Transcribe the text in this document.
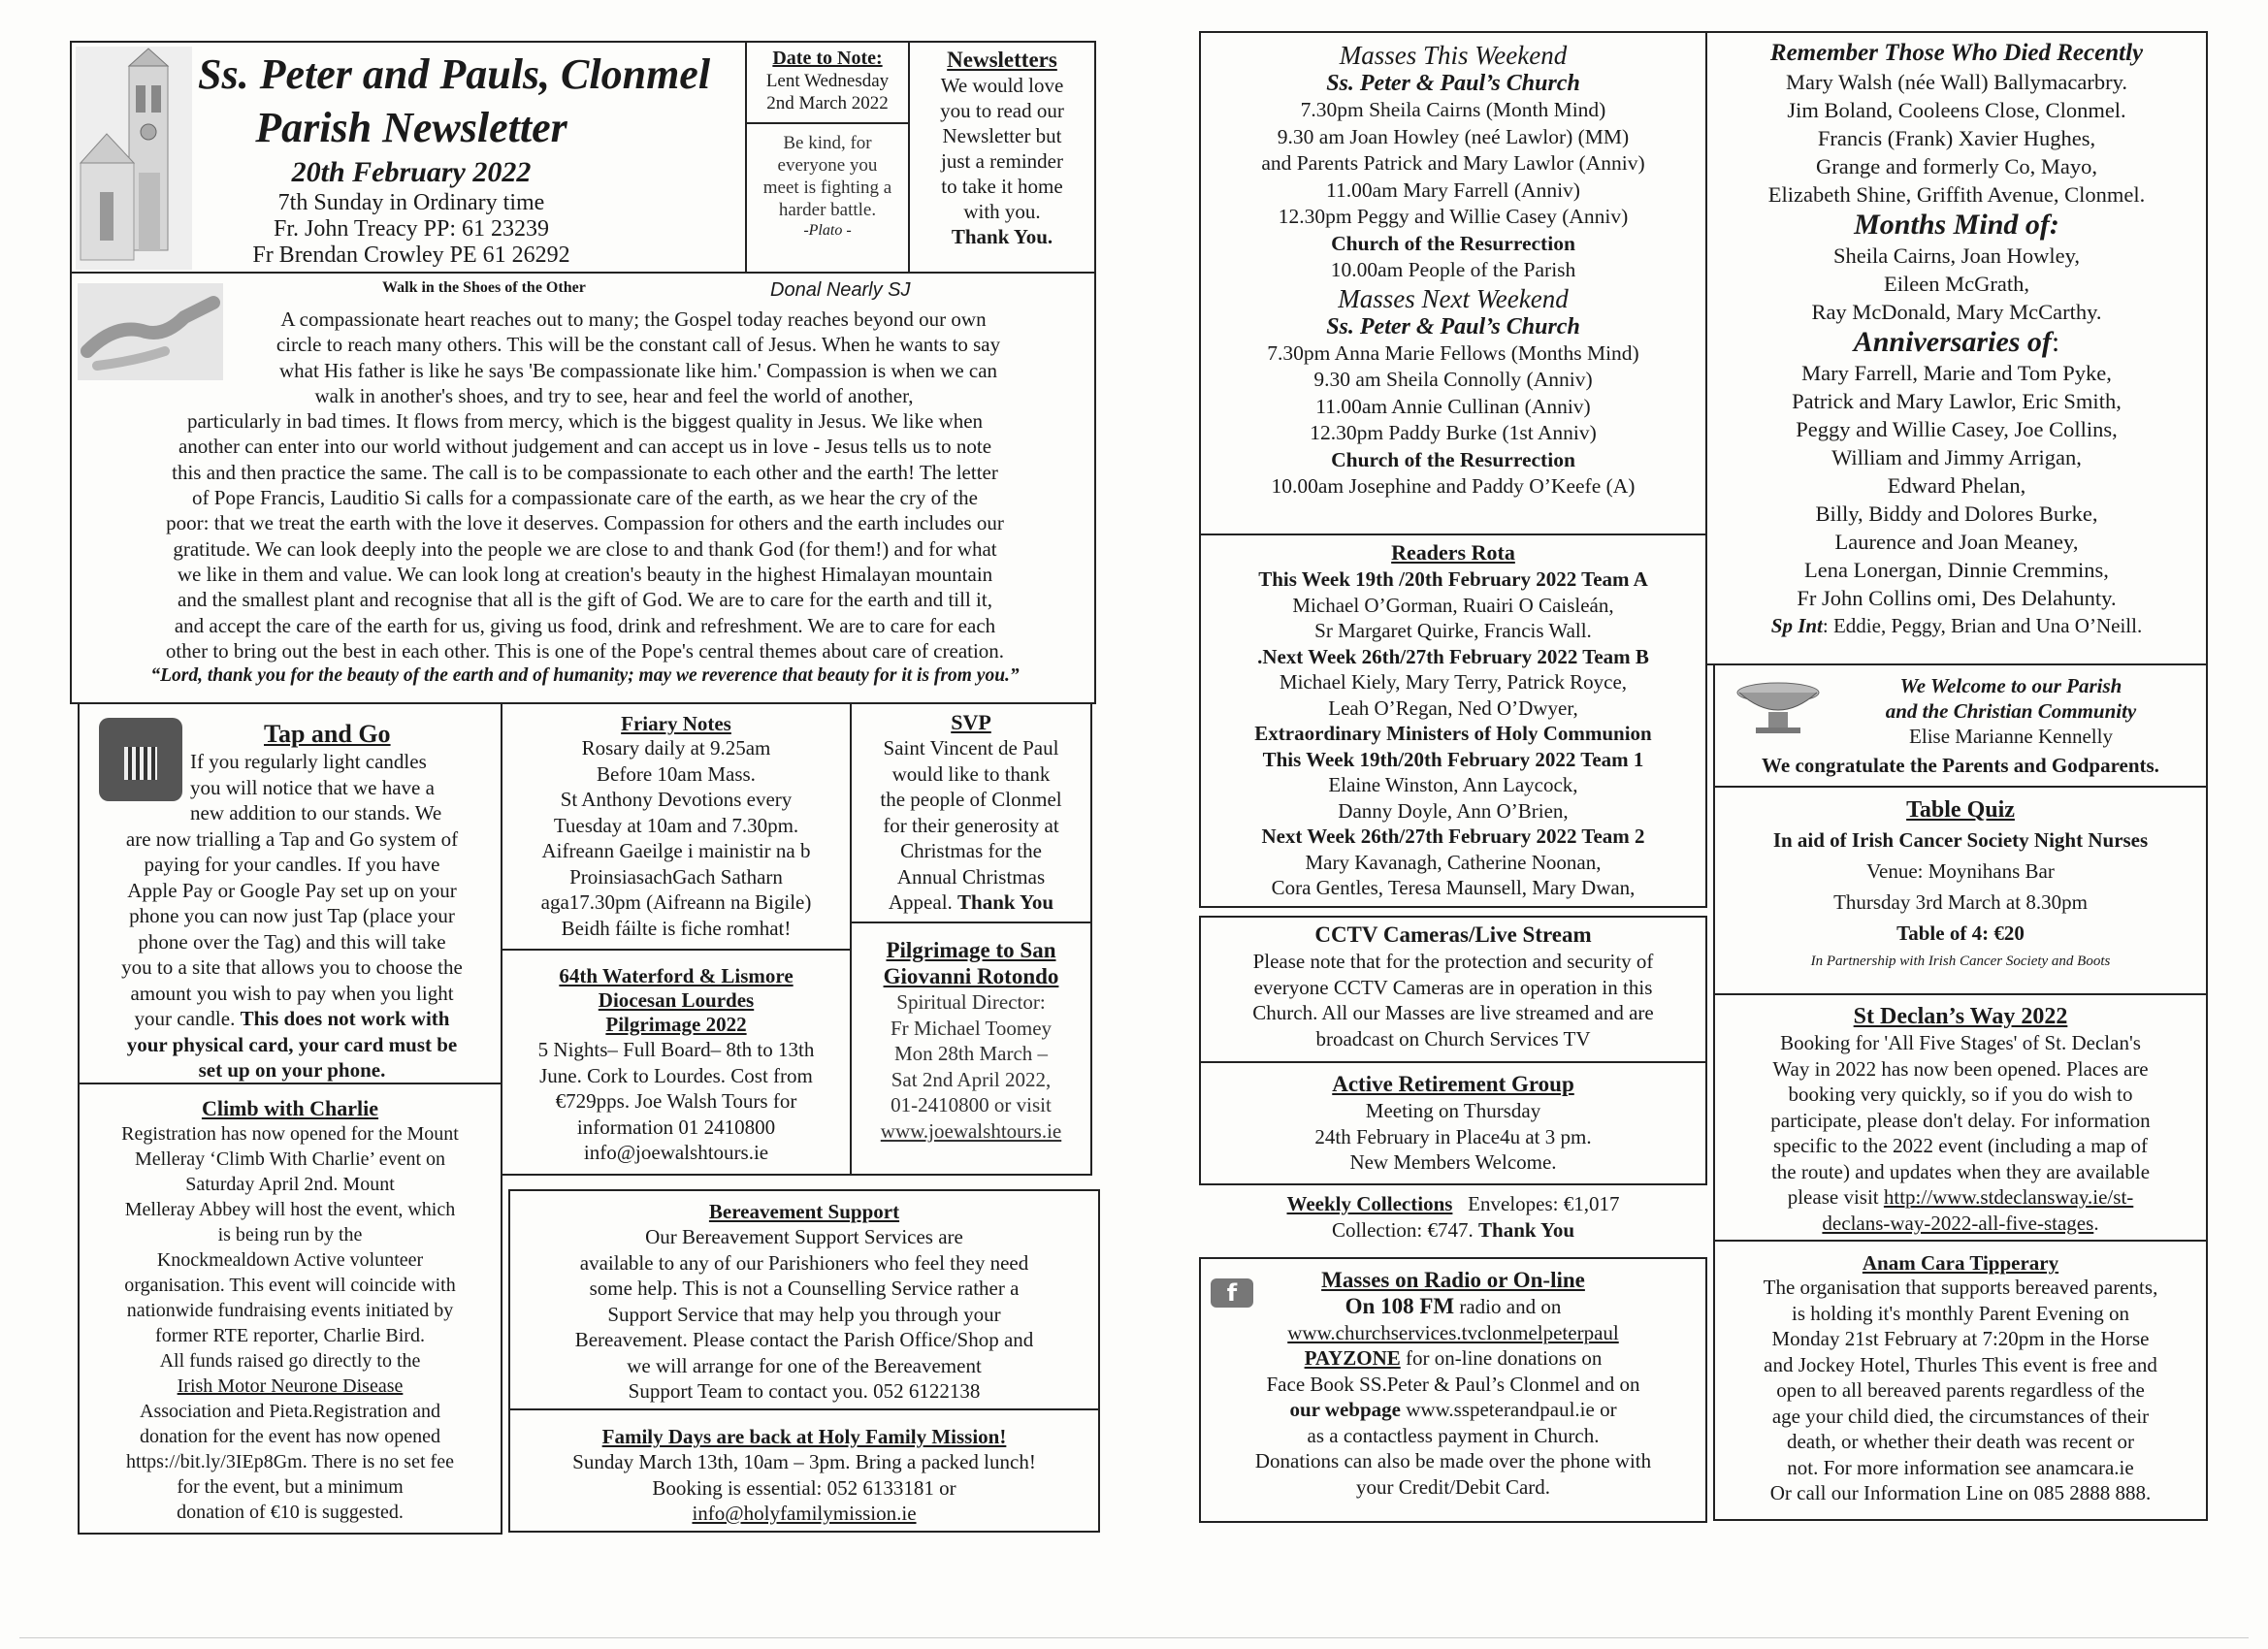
Ss. Peter and Pauls, Clonmel
Parish Newsletter
20th February 2022
7th Sunday in Ordinary time
Fr. John Treacy PP: 61 23239
Fr Brendan Crowley PE 61 26292
Date to Note:
Lent Wednesday
2nd March 2022
Be kind, for everyone you meet is fighting a harder battle.
-Plato -
Newsletters
We would love
you to read our
Newsletter but
just a reminder
to take it home
with you.
Thank You.
Walk in the Shoes of the Other	Donal Nearly SJ
A compassionate heart reaches out to many; the Gospel today reaches beyond our own
circle to reach many others. This will be the constant call of Jesus. When he wants to say
what His father is like he says 'Be compassionate like him.' Compassion is when we can
walk in another's shoes, and try to see, hear and feel the world of another,
particularly in bad times. It flows from mercy, which is the biggest quality in Jesus. We like when
another can enter into our world without judgement and can accept us in love - Jesus tells us to note
this and then practice the same. The call is to be compassionate to each other and the earth! The letter
of Pope Francis, Lauditio Si calls for a compassionate care of the earth, as we hear the cry of the
poor: that we treat the earth with the love it deserves. Compassion for others and the earth includes our
gratitude. We can look deeply into the people we are close to and thank God (for them!) and for what
we like in them and value. We can look long at creation's beauty in the highest Himalayan mountain
and the smallest plant and recognise that all is the gift of God. We are to care for the earth and till it,
and accept the care of the earth for us, giving us food, drink and refreshment. We are to care for each
other to bring out the best in each other. This is one of the Pope's central themes about care of creation.
“Lord, thank you for the beauty of the earth and of humanity; may we reverence that beauty for it is from you.”
Tap and Go
If you regularly light candles
you will notice that we have a
new addition to our stands. We
are now trialling a Tap and Go system of
paying for your candles. If you have
Apple Pay or Google Pay set up on your
phone you can now just Tap (place your
phone over the Tag) and this will take
you to a site that allows you to choose the
amount you wish to pay when you light
your candle. This does not work with
your physical card, your card must be
set up on your phone.
Climb with Charlie
Registration has now opened for the Mount
Melleray ‘Climb With Charlie’ event on
Saturday April 2nd. Mount
Melleray Abbey will host the event, which
is being run by the
Knockmealdown Active volunteer
organisation. This event will coincide with
nationwide fundraising events initiated by
former RTE reporter, Charlie Bird.
All funds raised go directly to the
Irish Motor Neurone Disease
Association and Pieta.Registration and
donation for the event has now opened
https://bit.ly/3IEp8Gm. There is no set fee
for the event, but a minimum
donation of €10 is suggested.
Friary Notes
Rosary daily at 9.25am
Before 10am Mass.
St Anthony Devotions every
Tuesday at 10am and 7.30pm.
Aifreann Gaeilge i mainistir na b
ProinsiasachGach Satharn
aga17.30pm (Aifreann na Bigile)
Beidh fáilte is fiche romhat!
SVP
Saint Vincent de Paul
would like to thank
the people of Clonmel
for their generosity at
Christmas for the
Annual Christmas
Appeal. Thank You
64th Waterford & Lismore
Diocesan Lourdes
Pilgrimage 2022
5 Nights– Full Board– 8th to 13th
June. Cork to Lourdes. Cost from
€729pps. Joe Walsh Tours for
information 01 2410800
info@joewalshtours.ie
Pilgrimage to San
Giovanni Rotondo
Spiritual Director:
Fr Michael Toomey
Mon 28th March –
Sat 2nd April 2022,
01-2410800 or visit
www.joewalshtours.ie
Bereavement Support
Our Bereavement Support Services are
available to any of our Parishioners who feel they need
some help. This is not a Counselling Service rather a
Support Service that may help you through your
Bereavement. Please contact the Parish Office/Shop and
we will arrange for one of the Bereavement
Support Team to contact you. 052 6122138
Family Days are back at Holy Family Mission!
Sunday March 13th, 10am – 3pm. Bring a packed lunch!
Booking is essential: 052 6133181 or
info@holyfamilymission.ie
Masses This Weekend
Ss. Peter & Paul’s Church
7.30pm Sheila Cairns (Month Mind)
9.30 am Joan Howley (neé Lawlor) (MM)
and Parents Patrick and Mary Lawlor (Anniv)
11.00am Mary Farrell (Anniv)
12.30pm Peggy and Willie Casey (Anniv)
Church of the Resurrection
10.00am People of the Parish
Masses Next Weekend
Ss. Peter & Paul’s Church
7.30pm Anna Marie Fellows (Months Mind)
9.30 am Sheila Connolly (Anniv)
11.00am Annie Cullinan (Anniv)
12.30pm Paddy Burke (1st Anniv)
Church of the Resurrection
10.00am Josephine and Paddy O’Keefe (A)
Readers Rota
This Week 19th /20th February 2022 Team A
Michael O’Gorman, Ruairi O Caisleán,
Sr Margaret Quirke, Francis Wall.
.Next Week 26th/27th February 2022 Team B
Michael Kiely, Mary Terry, Patrick Royce,
Leah O’Regan, Ned O’Dwyer,
Extraordinary Ministers of Holy Communion
This Week 19th/20th February 2022 Team 1
Elaine Winston, Ann Laycock,
Danny Doyle, Ann O’Brien,
Next Week 26th/27th February 2022 Team 2
Mary Kavanagh, Catherine Noonan,
Cora Gentles, Teresa Maunsell, Mary Dwan,
CCTV Cameras/Live Stream
Please note that for the protection and security of
everyone CCTV Cameras are in operation in this
Church. All our Masses are live streamed and are
broadcast on Church Services TV
Active Retirement Group
Meeting on Thursday
24th February in Place4u at 3 pm.
New Members Welcome.
Weekly Collections Envelopes: €1,017
Collection: €747. Thank You
f	Masses on Radio or On-line
On 108 FM radio and on
www.churchservices.tvclonmelpeterpaul
PAYZONE for on-line donations on
Face Book SS.Peter & Paul’s Clonmel and on
our webpage www.sspeterandpaul.ie or
as a contactless payment in Church.
Donations can also be made over the phone with
your Credit/Debit Card.
Remember Those Who Died Recently
Mary Walsh (née Wall) Ballymacarbry.
Jim Boland, Cooleens Close, Clonmel.
Francis (Frank) Xavier Hughes,
Grange and formerly Co, Mayo,
Elizabeth Shine, Griffith Avenue, Clonmel.
Months Mind of:
Sheila Cairns, Joan Howley,
Eileen McGrath,
Ray McDonald, Mary McCarthy.
Anniversaries of:
Mary Farrell, Marie and Tom Pyke,
Patrick and Mary Lawlor, Eric Smith,
Peggy and Willie Casey, Joe Collins,
William and Jimmy Arrigan,
Edward Phelan,
Billy, Biddy and Dolores Burke,
Laurence and Joan Meaney,
Lena Lonergan, Dinnie Cremmins,
Fr John Collins omi, Des Delahunty.
Sp Int: Eddie, Peggy, Brian and Una O’Neill.
We Welcome to our Parish
and the Christian Community
Elise Marianne Kennelly
We congratulate the Parents and Godparents.
Table Quiz
In aid of Irish Cancer Society Night Nurses
Venue: Moynihans Bar
Thursday 3rd March at 8.30pm
Table of 4: €20
In Partnership with Irish Cancer Society and Boots
St Declan’s Way 2022
Booking for 'All Five Stages' of St. Declan's
Way in 2022 has now been opened. Places are
booking very quickly, so if you do wish to
participate, please don't delay. For information
specific to the 2022 event (including a map of
the route) and updates when they are available
please visit http://www.stdeclansway.ie/st-
declans-way-2022-all-five-stages.
Anam Cara Tipperary
The organisation that supports bereaved parents,
is holding it's monthly Parent Evening on
Monday 21st February at 7:20pm in the Horse
and Jockey Hotel, Thurles This event is free and
open to all bereaved parents regardless of the
age your child died, the circumstances of their
death, or whether their death was recent or
not. For more information see anamcara.ie
Or call our Information Line on 085 2888 888.
